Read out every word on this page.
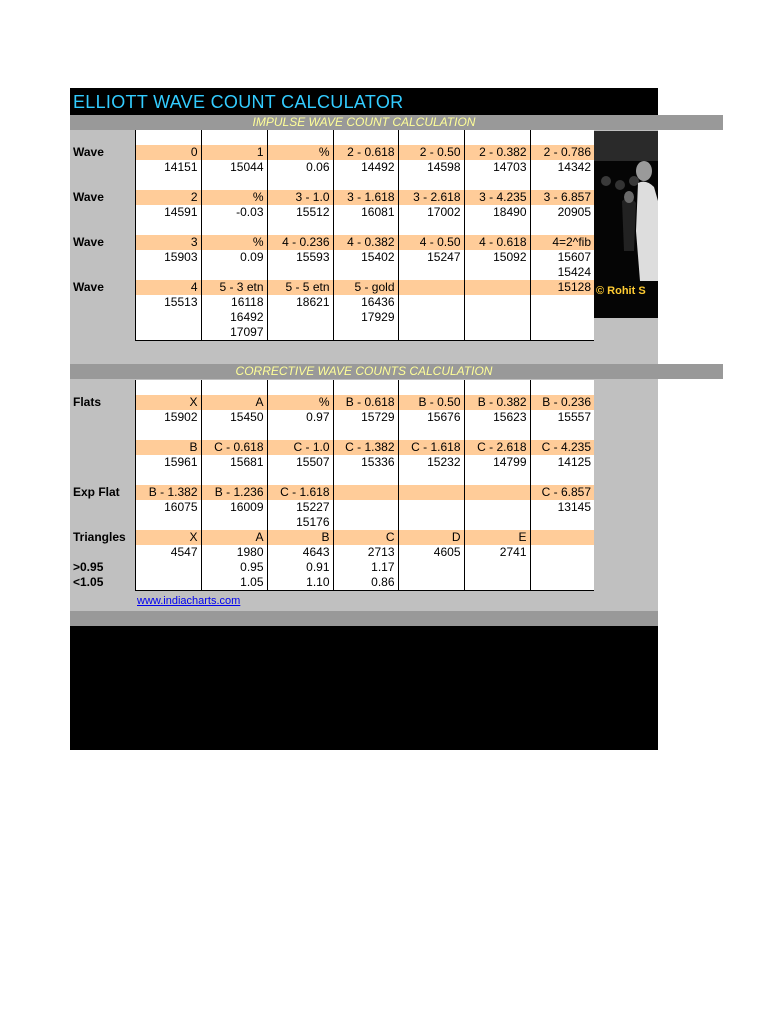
ELLIOTT WAVE COUNT CALCULATOR
IMPULSE WAVE COUNT CALCULATION

Wave	0	1	%	2 - 0.618	2 - 0.50	2 - 0.382	2 - 0.786
	14151	15044	0.06	14492	14598	14703	14342

Wave	2	%	3 - 1.0	3 - 1.618	3 - 2.618	3 - 4.235	3 - 6.857
	14591	-0.03	15512	16081	17002	18490	20905

Wave	3	%	4 - 0.236	4 - 0.382	4 - 0.50	4 - 0.618	4=2^fib
	15903	0.09	15593	15402	15247	15092	15607
							15424
Wave	4	5 - 3 etn	5 - 5 etn	5 - gold			15128
	15513	16118	18621	16436			
		16492		17929			
		17097					
© Rohit S
CORRECTIVE WAVE COUNTS CALCULATION

Flats	X	A	%	B - 0.618	B - 0.50	B - 0.382	B - 0.236
	15902	15450	0.97	15729	15676	15623	15557

	B	C - 0.618	C - 1.0	C - 1.382	C - 1.618	C - 2.618	C - 4.235
	15961	15681	15507	15336	15232	14799	14125

Exp Flat	B - 1.382	B - 1.236	C - 1.618				C - 6.857
	16075	16009	15227				13145
			15176				
Triangles	X	A	B	C	D	E	
	4547	1980	4643	2713	4605	2741	
>0.95		0.95	0.91	1.17			
<1.05		1.05	1.10	0.86			
www.indiacharts.com
